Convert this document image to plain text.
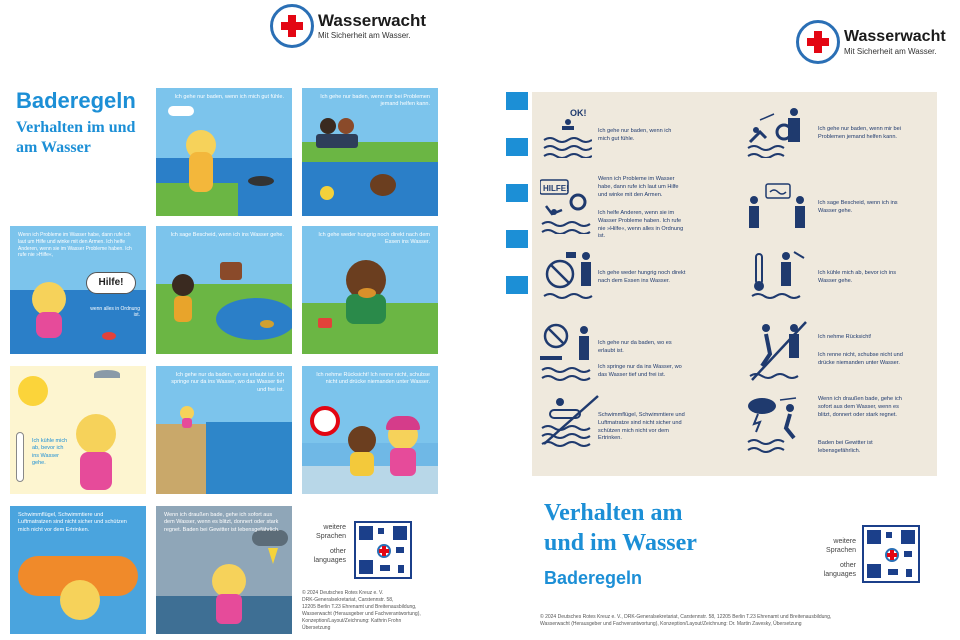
Wasserwacht
Mit Sicherheit am Wasser.
Baderegeln
Verhalten im und am Wasser
Ich gehe nur baden, wenn ich mich gut fühle.	Ich gehe nur baden, wenn mir bei Problemen jemand helfen kann.
Hilfe!
Wenn ich Probleme im Wasser habe, dann rufe ich laut um Hilfe und winke mit den Armen. Ich helfe Anderen, wenn sie im Wasser Probleme haben. Ich rufe nie »Hilfe«,
wenn alles in Ordnung ist.
Ich sage Bescheid, wenn ich ins Wasser gehe.	Ich gehe weder hungrig noch direkt nach dem Essen ins Wasser.
Ich kühle mich ab, bevor ich ins Wasser gehe.
Ich gehe nur da baden, wo es erlaubt ist. Ich springe nur da ins Wasser, wo das Wasser tief und frei ist.
Ich nehme Rücksicht! Ich renne nicht, schubse nicht und drücke niemanden unter Wasser.
Schwimmflügel, Schwimmtiere und Luftmatratzen sind nicht sicher und schützen mich nicht vor dem Ertrinken.
Wenn ich draußen bade, gehe ich sofort aus dem Wasser, wenn es blitzt, donnert oder stark regnet. Baden bei Gewitter ist lebensgefährlich.	weitere
Sprachen
other
languages
© 2024 Deutsches Rotes Kreuz e. V.
DRK-Generalsekretariat, Carstennstr. 58,
12205 Berlin T.23 Ehrenamt und Breitenausbildung,
Wasserwacht (Herausgeber und Fachverantwortung),
Konzeption/Layout/Zeichnung: Kathrin Frohn
Übersetzung
Wasserwacht
Mit Sicherheit am Wasser.
OK!
Ich gehe nur baden, wenn ich mich gut fühle.
Ich gehe nur baden, wenn mir bei Problemen jemand helfen kann.
HILFE!
Wenn ich Probleme im Wasser habe, dann rufe ich laut um Hilfe und winke mit den Armen.
Ich helfe Anderen, wenn sie im Wasser Probleme haben. Ich rufe nie »Hilfe«, wenn alles in Ordnung ist.
Ich sage Bescheid, wenn ich ins Wasser gehe.
Ich gehe weder hungrig noch direkt nach dem Essen ins Wasser.
Ich kühle mich ab, bevor ich ins Wasser gehe.
Ich gehe nur da baden, wo es erlaubt ist.
Ich springe nur da ins Wasser, wo das Wasser tief und frei ist.
Ich nehme Rücksicht!
Ich renne nicht, schubse nicht und drücke niemanden unter Wasser.
Schwimmflügel, Schwimmtiere und Luftmatratze sind nicht sicher und schützen mich nicht vor dem Ertrinken.
Wenn ich draußen bade, gehe ich sofort aus dem Wasser, wenn es blitzt, donnert oder stark regnet.
Baden bei Gewitter ist lebensgefährlich.
Verhalten am
und im Wasser
Baderegeln
weitere
Sprachen
other
languages
© 2024 Deutsches Rotes Kreuz e. V., DRK-Generalsekretariat, Carstennstr. 58, 12205 Berlin T.23 Ehrenamt und Breitenausbildung,
Wasserwacht (Herausgeber und Fachverantwortung), Konzeption/Layout/Zeichnung: Dr. Martin Zavesky, Übersetzung
